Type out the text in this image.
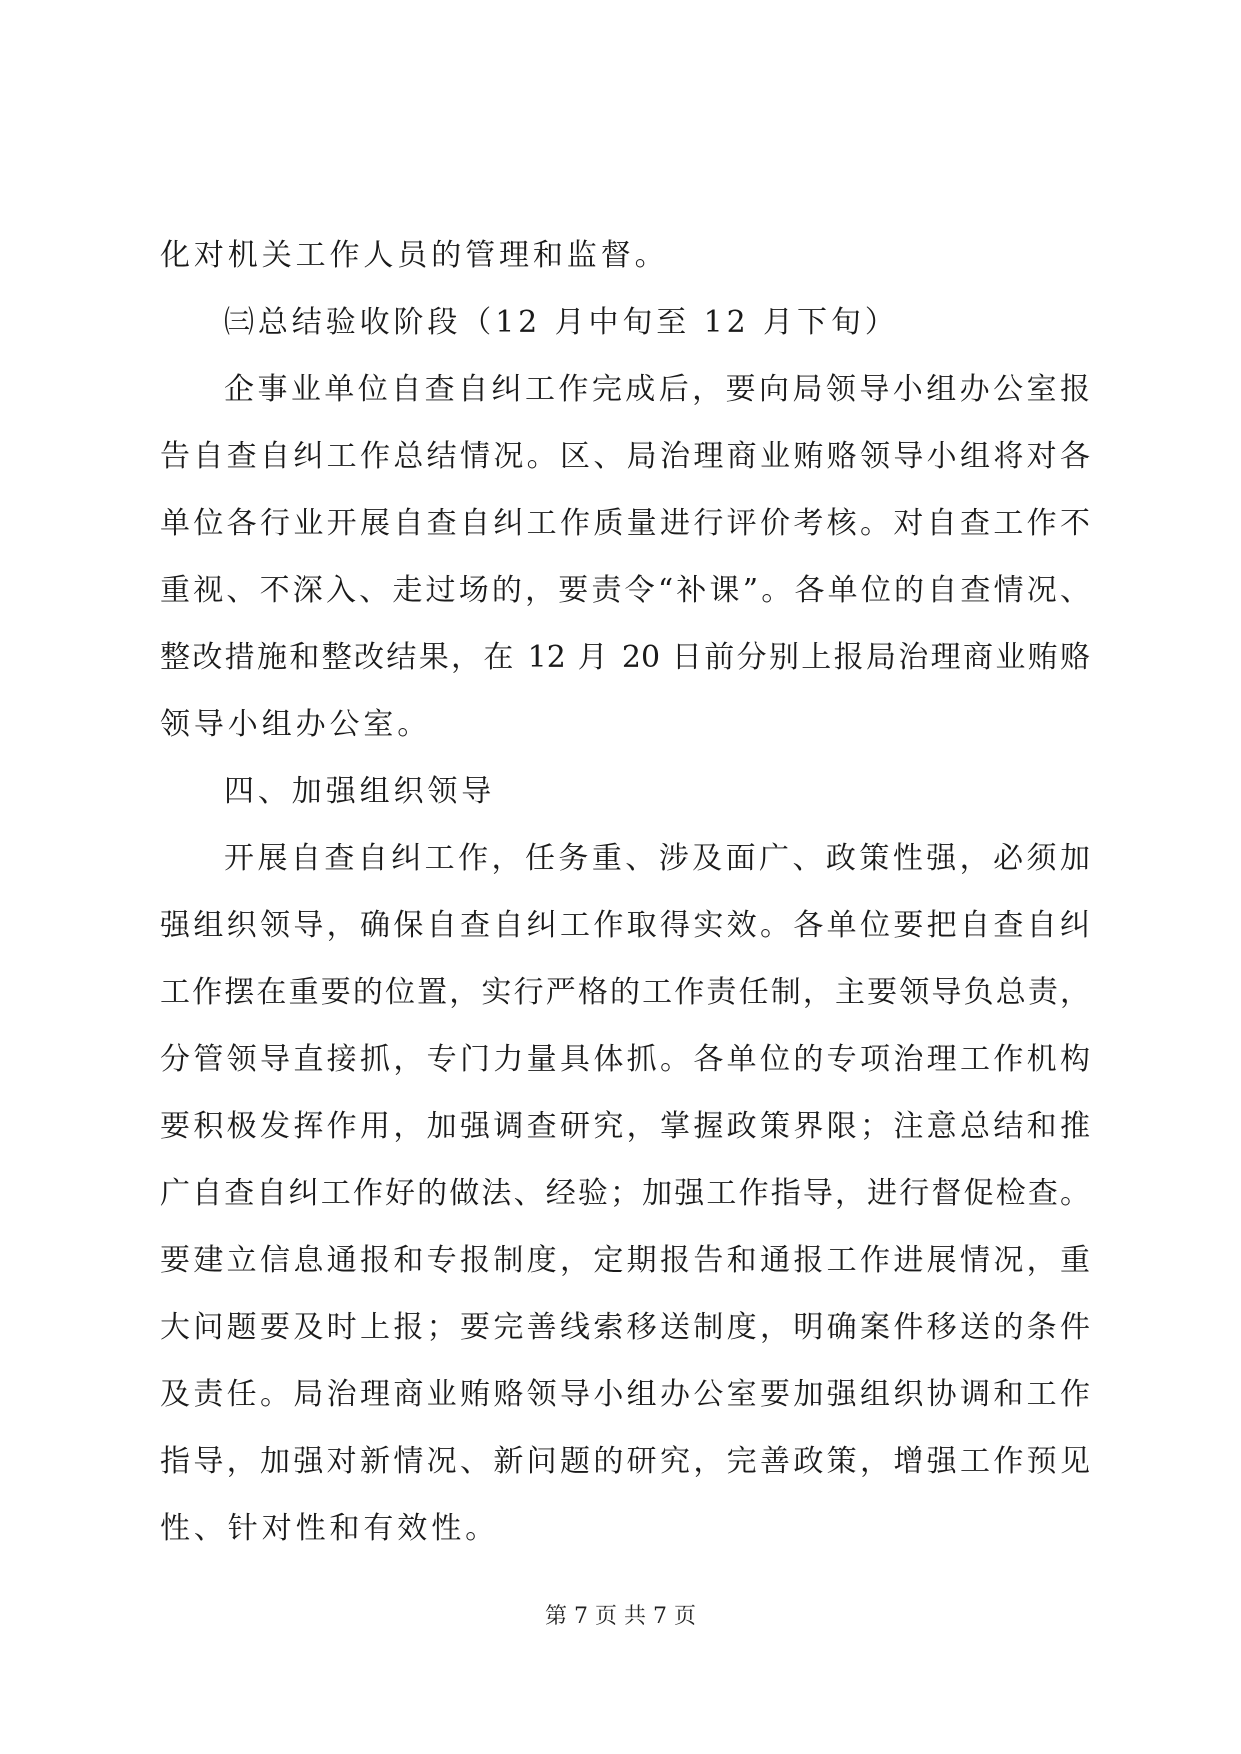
化对机关工作人员的管理和监督。
㈢总结验收阶段（12 月中旬至 12 月下旬）
企事业单位自查自纠工作完成后，要向局领导小组办公室报
告自查自纠工作总结情况。区、局治理商业贿赂领导小组将对各
单位各行业开展自查自纠工作质量进行评价考核。对自查工作不
重视、不深入、走过场的，要责令“补课”。各单位的自查情况、
整改措施和整改结果，在 12 月 20 日前分别上报局治理商业贿赂
领导小组办公室。
四、加强组织领导
开展自查自纠工作，任务重、涉及面广、政策性强，必须加
强组织领导，确保自查自纠工作取得实效。各单位要把自查自纠
工作摆在重要的位置，实行严格的工作责任制，主要领导负总责，
分管领导直接抓，专门力量具体抓。各单位的专项治理工作机构
要积极发挥作用，加强调查研究，掌握政策界限；注意总结和推
广自查自纠工作好的做法、经验；加强工作指导，进行督促检查。
要建立信息通报和专报制度，定期报告和通报工作进展情况，重
大问题要及时上报；要完善线索移送制度，明确案件移送的条件
及责任。局治理商业贿赂领导小组办公室要加强组织协调和工作
指导，加强对新情况、新问题的研究，完善政策，增强工作预见
性、针对性和有效性。
第 7 页 共 7 页
